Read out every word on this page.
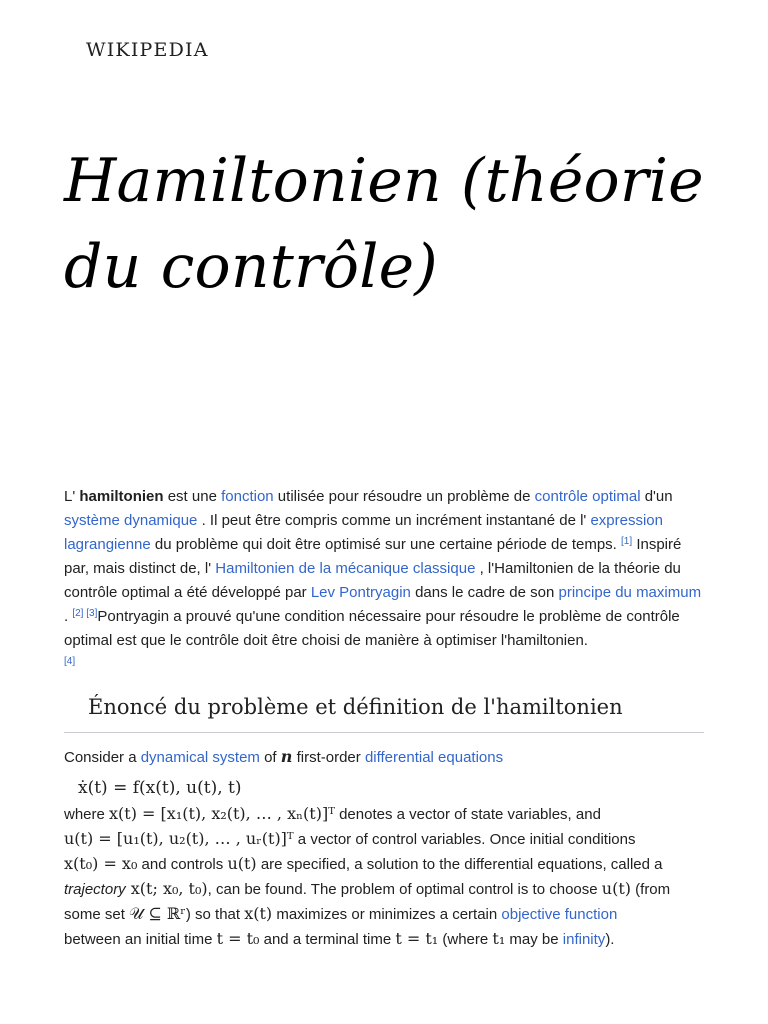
WIKIPEDIA
Hamiltonien (théorie du contrôle)

L' hamiltonien est une fonction utilisée pour résoudre un problème de contrôle optimal d'un système dynamique . Il peut être compris comme un incrément instantané de l' expression lagrangienne du problème qui doit être optimisé sur une certaine période de temps. [1] Inspiré par, mais distinct de, l' Hamiltonien de la mécanique classique , l'Hamiltonien de la théorie du contrôle optimal a été développé par Lev Pontryagin dans le cadre de son principe du maximum . [2] [3]Pontryagin a prouvé qu'une condition nécessaire pour résoudre le problème de contrôle optimal est que le contrôle doit être choisi de manière à optimiser l'hamiltonien.
[4]

Énoncé du problème et définition de l'hamiltonien

Consider a dynamical system of n first-order differential equations

ẋ(t) = f(x(t), u(t), t)

where x(t) = [x₁(t), x₂(t), … , xₙ(t)]ᵀ denotes a vector of state variables, and
u(t) = [u₁(t), u₂(t), … , uᵣ(t)]ᵀ a vector of control variables. Once initial conditions
x(t₀) = x₀ and controls u(t) are specified, a solution to the differential equations, called a
trajectory x(t; x₀, t₀), can be found. The problem of optimal control is to choose u(t) (from some set 𝒰 ⊆ ℝʳ) so that x(t) maximizes or minimizes a certain objective function
between an initial time t = t₀ and a terminal time t = t₁ (where t₁ may be infinity).
